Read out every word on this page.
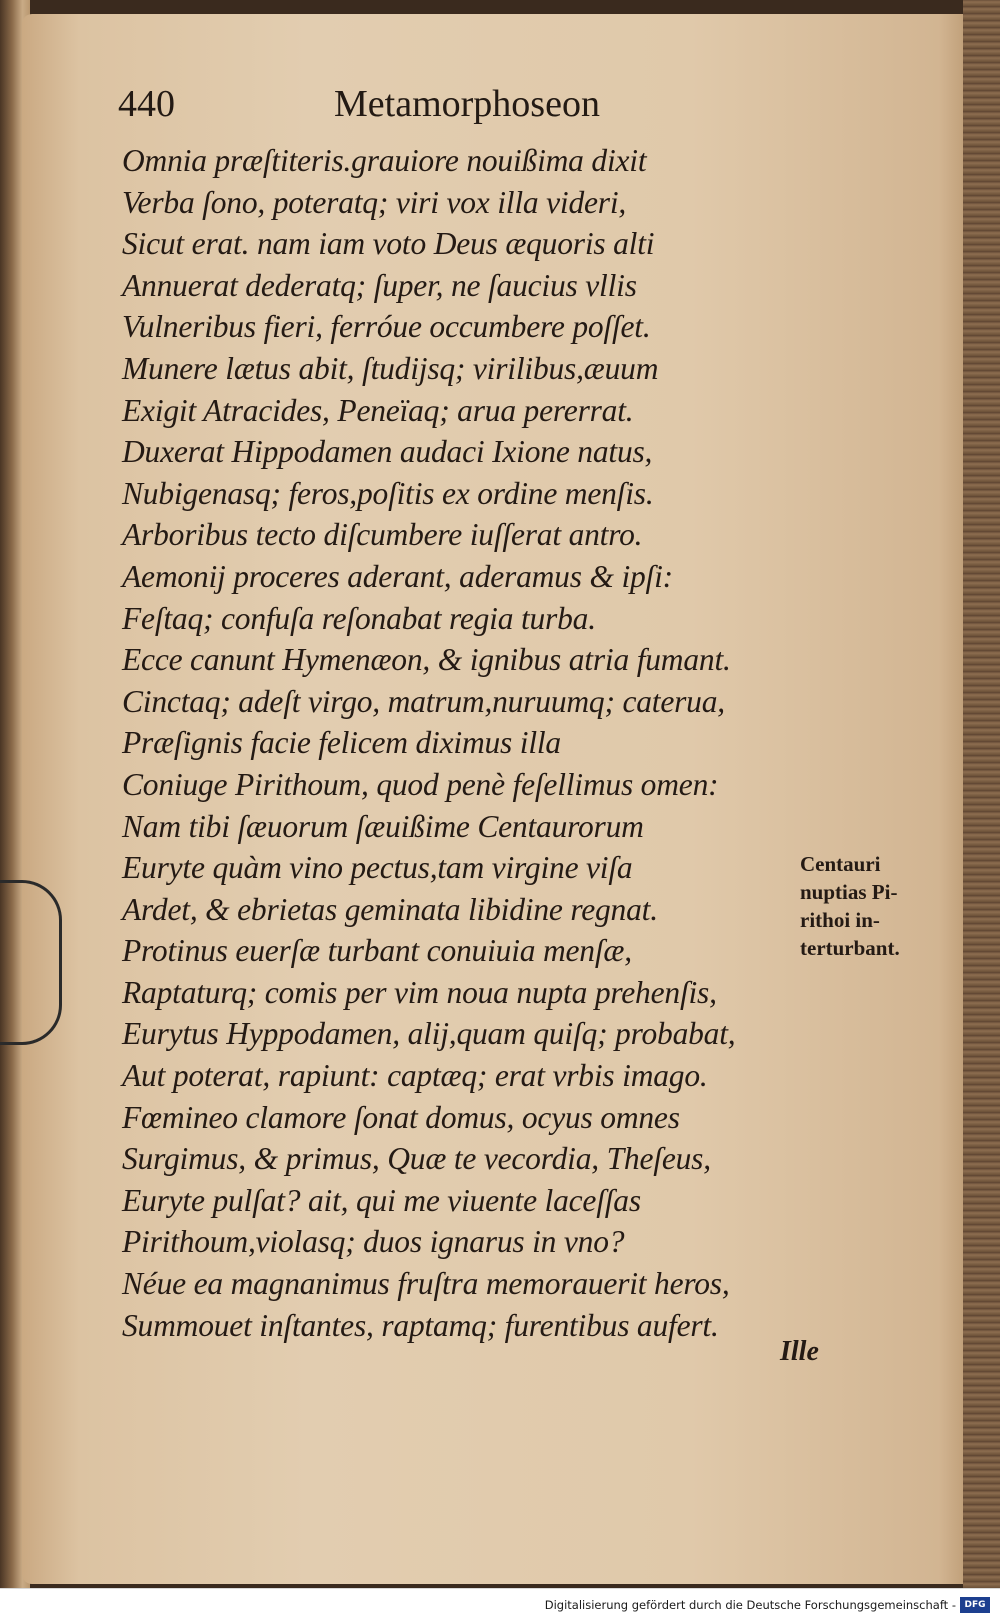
440	Metamorphoseon
Omnia præſtiteris.grauiore nouißima dixit
Verba ſono, poteratq; viri vox illa videri,
Sicut erat. nam iam voto Deus æquoris alti
Annuerat dederatq; ſuper, ne ſaucius vllis
Vulneribus fieri, ferróue occumbere poſſet.
Munere lætus abit, ſtudijsq; virilibus,æuum
Exigit Atracides, Peneïaq; arua pererrat.
Duxerat Hippodamen audaci Ixione natus,
Nubigenasq; feros,poſitis ex ordine menſis.
Arboribus tecto diſcumbere iuſſerat antro.
Aemonij proceres aderant, aderamus & ipſi:
Feſtaq; confuſa reſonabat regia turba.
Ecce canunt Hymenæon, & ignibus atria fumant.
Cinctaq; adeſt virgo, matrum,nuruumq; caterua,
Præſignis facie felicem diximus illa
Coniuge Pirithoum, quod penè feſellimus omen:
Nam tibi ſæuorum ſæuißime Centaurorum
Euryte quàm vino pectus,tam virgine viſa
Ardet, & ebrietas geminata libidine regnat.
Protinus euerſæ turbant conuiuia menſæ,
Raptaturq; comis per vim noua nupta prehenſis,
Eurytus Hyppodamen, alij,quam quiſq; probabat,
Aut poterat, rapiunt: captæq; erat vrbis imago.
Fœmineo clamore ſonat domus, ocyus omnes
Surgimus, & primus, Quæ te vecordia, Theſeus,
Euryte pulſat? ait, qui me viuente laceſſas
Pirithoum,violasq; duos ignarus in vno?
Néue ea magnanimus fruſtra memorauerit heros,
Summouet inſtantes, raptamq; furentibus aufert.
Centauri
nuptias Pi-
rithoi in-
terturbant.
Ille
Digitalisierung gefördert durch die Deutsche Forschungsgemeinschaft - DFG
